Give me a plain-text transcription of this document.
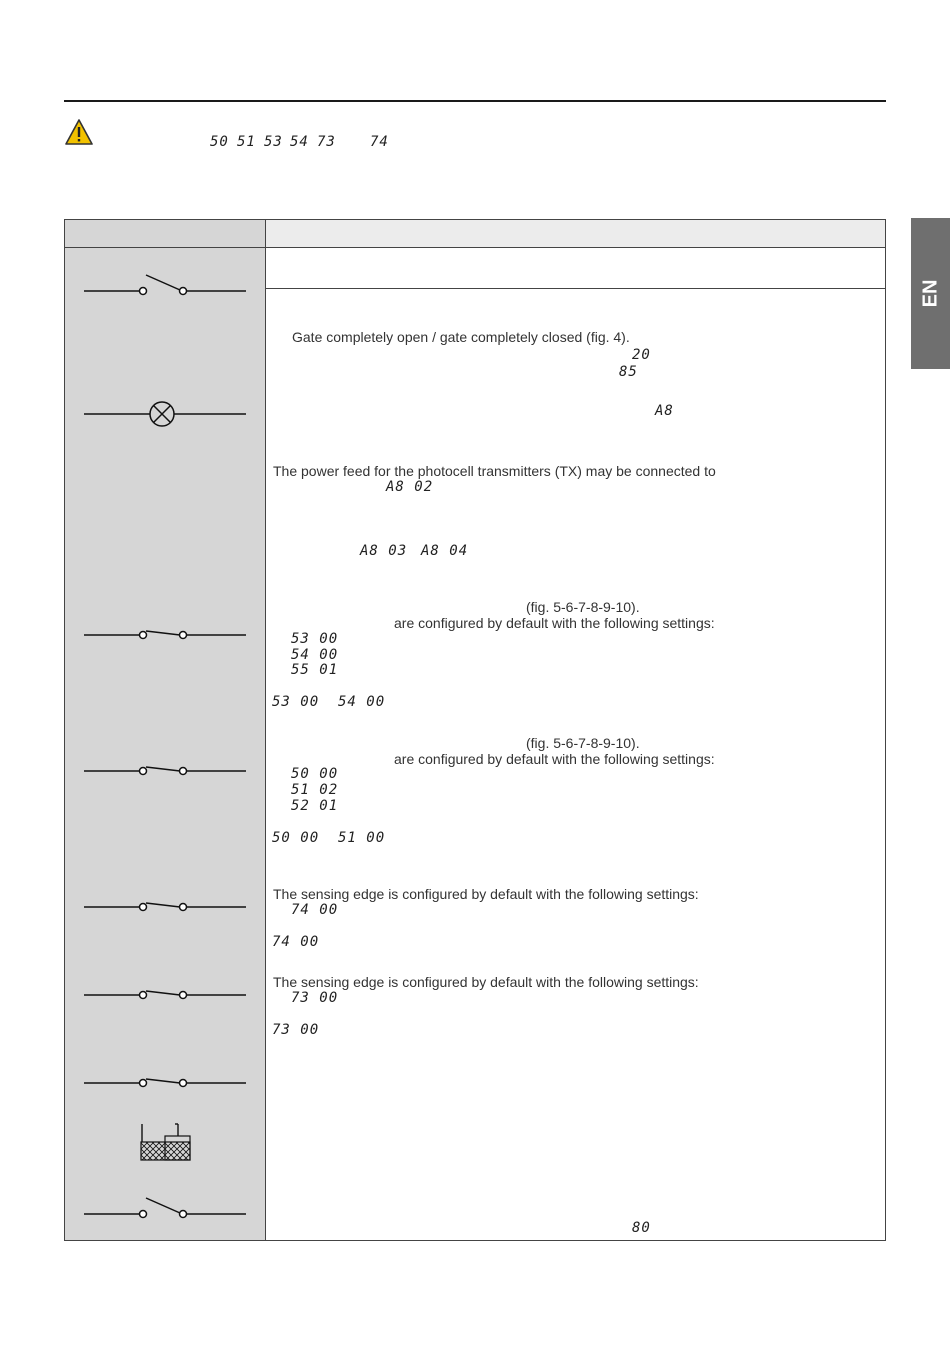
50 51 53 54 73 74
EN
Gate completely open / gate completely closed (fig. 4).
20
85
A8
The power feed for the photocell transmitters (TX) may be connected to
A8 02
A8 03 A8 04
(fig. 5-6-7-8-9-10).
are configured by default with the following settings:
53 00
54 00
55 01
53 00 54 00
(fig. 5-6-7-8-9-10).
are configured by default with the following settings:
50 00
51 02
52 01
50 00 51 00
The sensing edge is configured by default with the following settings:
74 00
74 00
The sensing edge is configured by default with the following settings:
73 00
73 00
80
